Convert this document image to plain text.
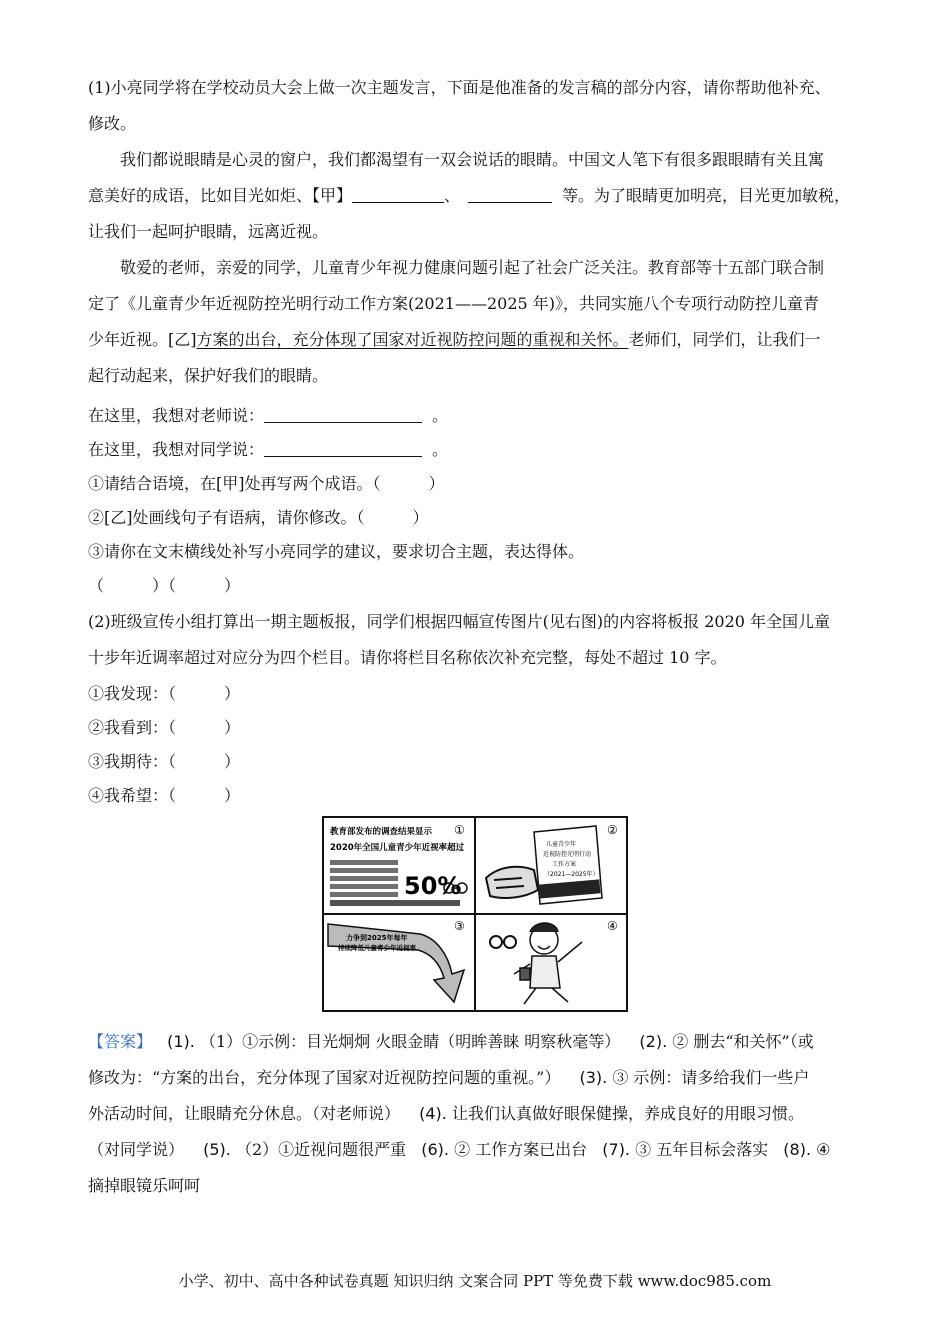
(1)小亮同学将在学校动员大会上做一次主题发言，下面是他准备的发言稿的部分内容，请你帮助他补充、
修改。
我们都说眼睛是心灵的窗户，我们都渴望有一双会说话的眼睛。中国文人笔下有很多跟眼睛有关且寓
意美好的成语，比如目光如炬、【甲】	、	等。为了眼睛更加明亮，目光更加敏税，
让我们一起呵护眼睛，远离近视。
敬爱的老师，亲爱的同学，儿童青少年视力健康问题引起了社会广泛关注。教育部等十五部门联合制
定了《儿童青少年近视防控光明行动工作方案(2021——2025 年)》，共同实施八个专项行动防控儿童青
少年近视。[乙]方案的出台，充分体现了国家对近视防控问题的重视和关怀。老师们，同学们，让我们一
起行动起来，保护好我们的眼睛。
在这里，我想对老师说：	。
在这里，我想对同学说：	。
①请结合语境，在[甲]处再写两个成语。（　　　）
②[乙]处画线句子有语病，请你修改。（　　　）
③请你在文末横线处补写小亮同学的建议，要求切合主题，表达得体。
（　　　）（　　　）
(2)班级宣传小组打算出一期主题板报，同学们根据四幅宣传图片(见右图)的内容将板报 2020 年全国儿童
十步年近调率超过对应分为四个栏目。请你将栏目名称依次补充完整，每处不超过 10 字。
①我发现：（　　　）
②我看到：（　　　）
③我期待：（　　　）
④我希望：（　　　）
教育部发布的调查结果显示
2020年全国儿童青少年近视率超过
①
50%
②
儿童青少年
近视防控光明行动
工作方案
（2021—2025年）
③
力争到2025年每年
持续降低儿童青少年近视率
④
【答案】 (1). （1）①示例：目光炯炯 火眼金睛（明眸善睐 明察秋毫等） (2). ② 删去“和关怀”（或
修改为：“方案的出台，充分体现了国家对近视防控问题的重视。”） (3). ③ 示例：请多给我们一些户
外活动时间，让眼睛充分休息。（对老师说） (4). 让我们认真做好眼保健操，养成良好的用眼习惯。
（对同学说） (5). （2）①近视问题很严重 (6). ② 工作方案已出台 (7). ③ 五年目标会落实 (8). ④
摘掉眼镜乐呵呵
小学、初中、高中各种试卷真题 知识归纳 文案合同 PPT 等免费下载 www.doc985.com
